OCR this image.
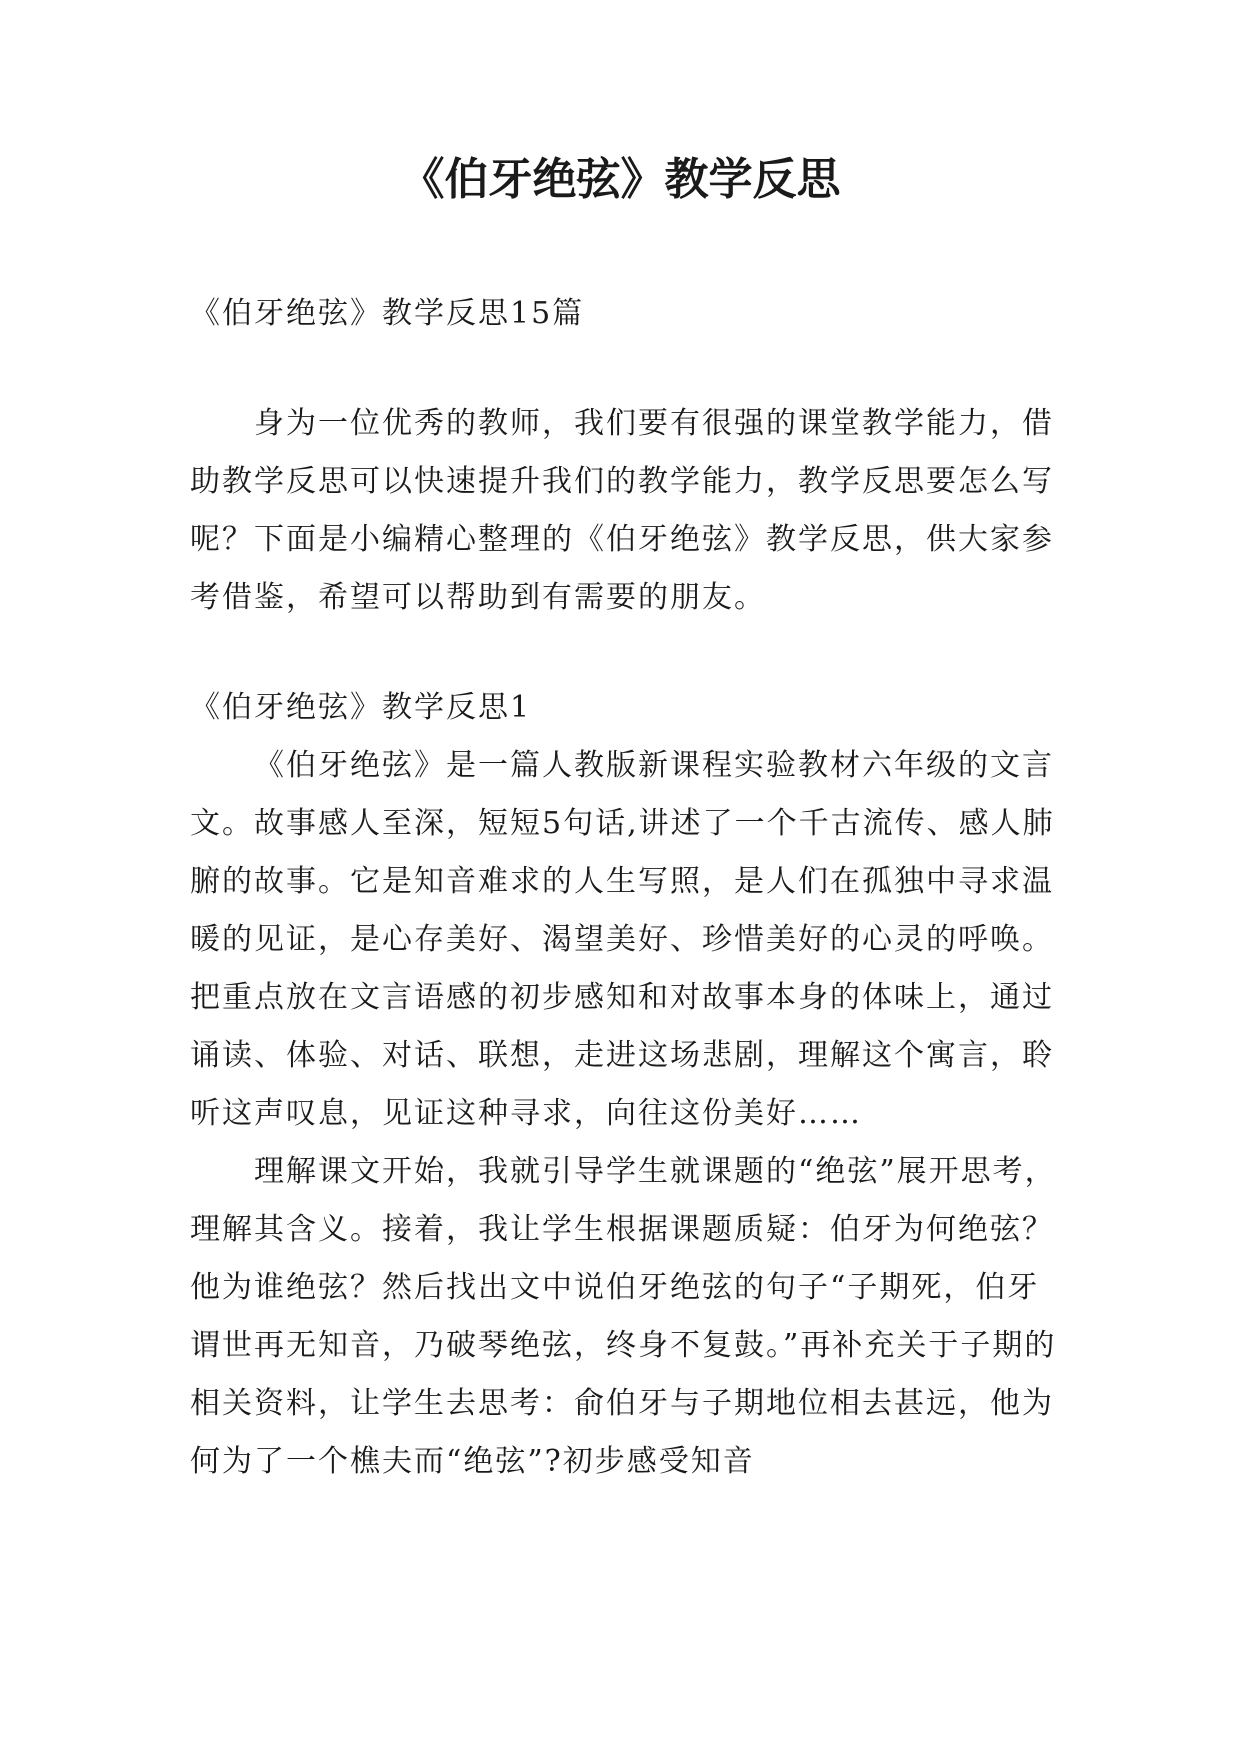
《伯牙绝弦》教学反思

《伯牙绝弦》教学反思15篇

身为一位优秀的教师，我们要有很强的课堂教学能力，借助教学反思可以快速提升我们的教学能力，教学反思要怎么写呢？下面是小编精心整理的《伯牙绝弦》教学反思，供大家参考借鉴，希望可以帮助到有需要的朋友。

《伯牙绝弦》教学反思1

《伯牙绝弦》是一篇人教版新课程实验教材六年级的文言文。故事感人至深，短短5句话,讲述了一个千古流传、感人肺腑的故事。它是知音难求的人生写照，是人们在孤独中寻求温暖的见证，是心存美好、渴望美好、珍惜美好的心灵的呼唤。把重点放在文言语感的初步感知和对故事本身的体味上，通过诵读、体验、对话、联想，走进这场悲剧，理解这个寓言，聆听这声叹息，见证这种寻求，向往这份美好……

理解课文开始，我就引导学生就课题的“绝弦”展开思考，理解其含义。接着，我让学生根据课题质疑：伯牙为何绝弦？他为谁绝弦？然后找出文中说伯牙绝弦的句子“子期死，伯牙谓世再无知音，乃破琴绝弦，终身不复鼓。”再补充关于子期的相关资料，让学生去思考：俞伯牙与子期地位相去甚远，他为何为了一个樵夫而“绝弦”?初步感受知音
